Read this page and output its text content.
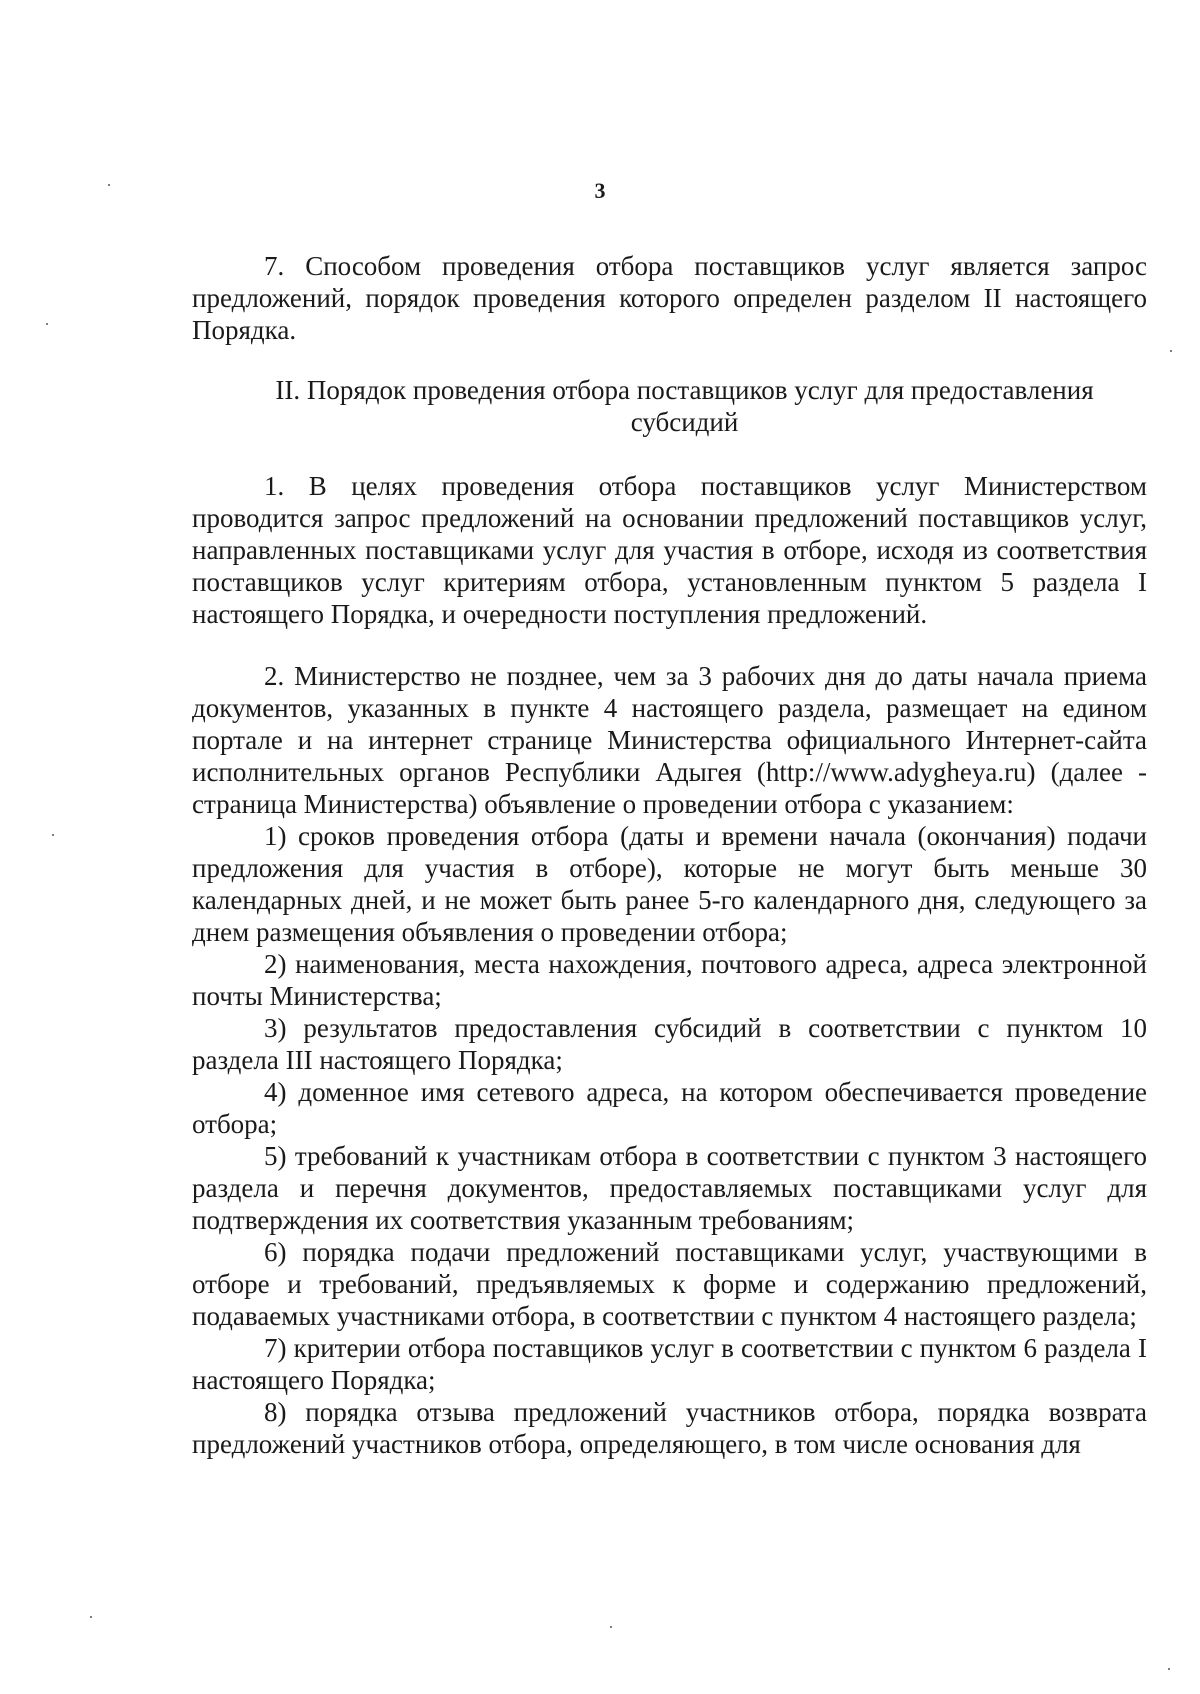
3

7. Способом проведения отбора поставщиков услуг является запрос предложений, порядок проведения которого определен разделом II настоящего Порядка.

II. Порядок проведения отбора поставщиков услуг для предоставления субсидий

1. В целях проведения отбора поставщиков услуг Министерством проводится запрос предложений на основании предложений поставщиков услуг, направленных поставщиками услуг для участия в отборе, исходя из соответствия поставщиков услуг критериям отбора, установленным пунктом 5 раздела I настоящего Порядка, и очередности поступления предложений.

2. Министерство не позднее, чем за 3 рабочих дня до даты начала приема документов, указанных в пункте 4 настоящего раздела, размещает на едином портале и на интернет странице Министерства официального Интернет-сайта исполнительных органов Республики Адыгея (http://www.adygheya.ru) (далее - страница Министерства) объявление о проведении отбора с указанием:

1) сроков проведения отбора (даты и времени начала (окончания) подачи предложения для участия в отборе), которые не могут быть меньше 30 календарных дней, и не может быть ранее 5-го календарного дня, следующего за днем размещения объявления о проведении отбора;

2) наименования, места нахождения, почтового адреса, адреса электронной почты Министерства;

3) результатов предоставления субсидий в соответствии с пунктом 10 раздела III настоящего Порядка;

4) доменное имя сетевого адреса, на котором обеспечивается проведение отбора;

5) требований к участникам отбора в соответствии с пунктом 3 настоящего раздела и перечня документов, предоставляемых поставщиками услуг для подтверждения их соответствия указанным требованиям;

6) порядка подачи предложений поставщиками услуг, участвующими в отборе и требований, предъявляемых к форме и содержанию предложений, подаваемых участниками отбора, в соответствии с пунктом 4 настоящего раздела;

7) критерии отбора поставщиков услуг в соответствии с пунктом 6 раздела I настоящего Порядка;

8) порядка отзыва предложений участников отбора, порядка возврата предложений участников отбора, определяющего, в том числе основания для
